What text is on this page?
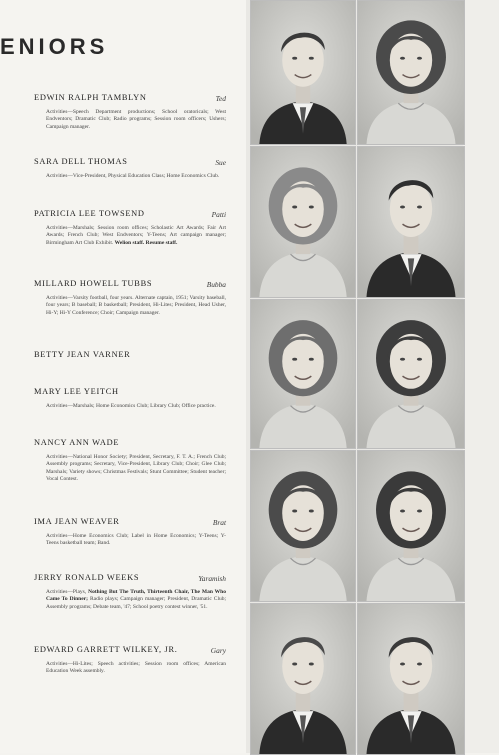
ENIORS
EDWIN RALPH TAMBLYN	Ted
Activities—Speech Department productions; School oratoricals; West Endventors; Dramatic Club; Radio programs; Session room officers; Ushers; Campaign manager.
SARA DELL THOMAS	Sue
Activities—Vice-President, Physical Education Class; Home Economics Club.
PATRICIA LEE TOWSEND	Patti
Activities—Marshals; Session room offices; Scholastic Art Awards; Fair Art Awards; French Club; West Endventors; Y-Teens; Art campaign manager; Birmingham Art Club Exhibit. Welion staff. Resume staff.
MILLARD HOWELL TUBBS	Bubba
Activities—Varsity football, four years. Alternate captain, 1951; Varsity baseball, four years; B baseball; B basketball; President, Hi-Lites; President, Head Usher, Hi-Y; Hi-Y Conference; Choir; Campaign manager.
BETTY JEAN VARNER
MARY LEE YEITCH
Activities—Marshals; Home Economics Club; Library Club; Office practice.
NANCY ANN WADE
Activities—National Honor Society; President, Secretary, F. T. A.; French Club; Assembly programs; Secretary, Vice-President, Library Club; Choir; Glee Club; Marshals; Variety shows; Christmas Festivals; Stunt Committee; Student teacher; Vocal Contest.
IMA JEAN WEAVER	Brat
Activities—Home Economics Club; Label in Home Economics; Y-Teens; Y-Teens basketball team; Band.
JERRY RONALD WEEKS	Yaramish
Activities—Plays, Nothing But The Truth, Thirteenth Chair, The Man Who Came To Dinner; Radio plays; Campaign manager; President, Dramatic Club; Assembly programs; Debate team, '47; School poetry contest winner, '51.
EDWARD GARRETT WILKEY, JR.	Gary
Activities—Hi-Lites; Speech activities; Session room offices; American Education Week assembly.
